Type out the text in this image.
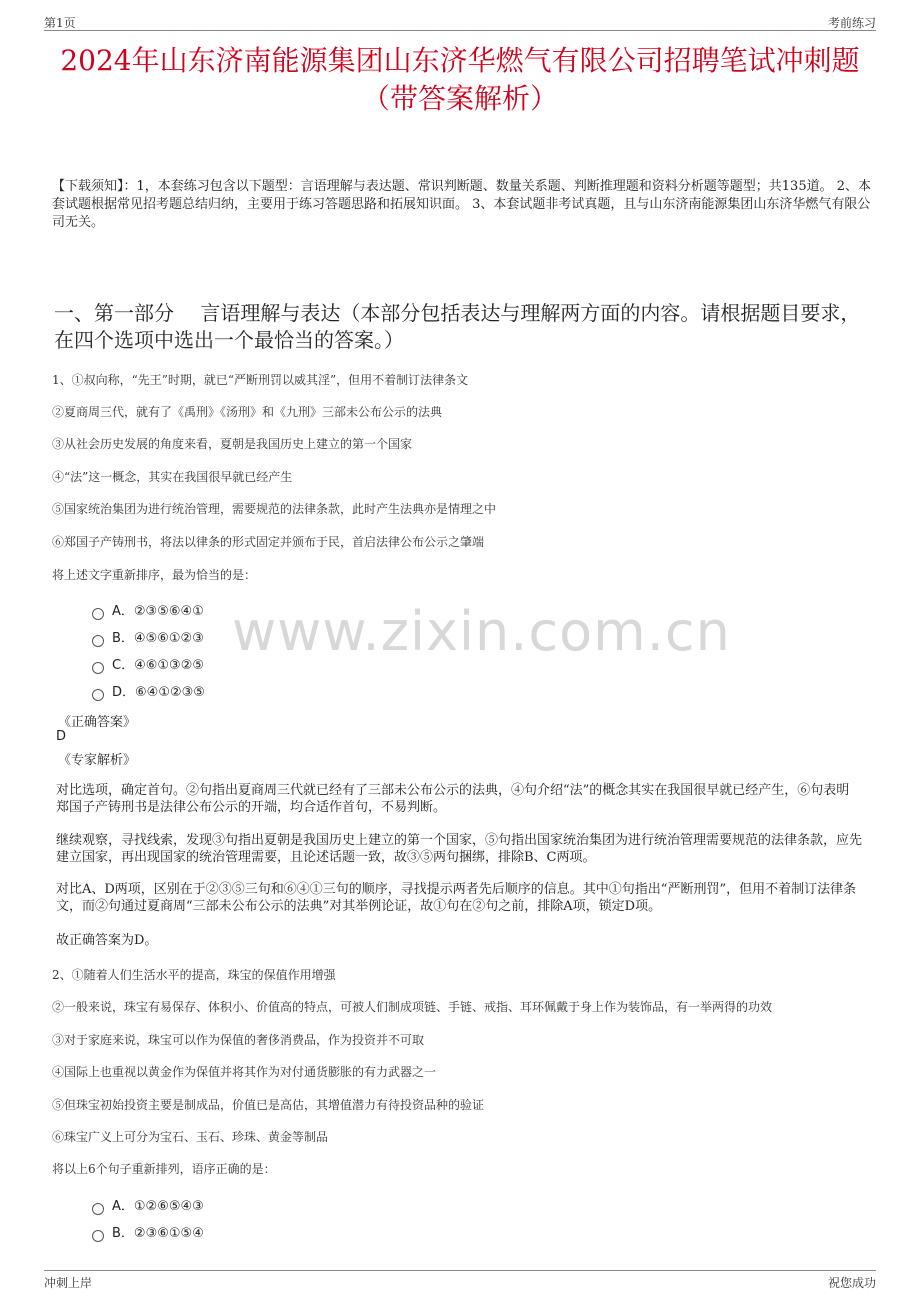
第1页	考前练习
2024年山东济南能源集团山东济华燃气有限公司招聘笔试冲刺题（带答案解析）
【下载须知】：1，本套练习包含以下题型：言语理解与表达题、常识判断题、数量关系题、判断推理题和资料分析题等题型；共135道。 2、本套试题根据常见招考题总结归纳，主要用于练习答题思路和拓展知识面。 3、本套试题非考试真题，且与山东济南能源集团山东济华燃气有限公司无关。
一、第一部分　 言语理解与表达（本部分包括表达与理解两方面的内容。请根据题目要求，在四个选项中选出一个最恰当的答案。）
www.zixin.com.cn
1、①叔向称，“先王”时期，就已“严断刑罚以威其淫”，但用不着制订法律条文
②夏商周三代，就有了《禹刑》《汤刑》和《九刑》三部未公布公示的法典
③从社会历史发展的角度来看，夏朝是我国历史上建立的第一个国家
④“法”这一概念，其实在我国很早就已经产生
⑤国家统治集团为进行统治管理，需要规范的法律条款，此时产生法典亦是情理之中
⑥郑国子产铸刑书，将法以律条的形式固定并颁布于民，首启法律公布公示之肇端
将上述文字重新排序，最为恰当的是：
A．②③⑤⑥④①
B．④⑤⑥①②③
C．④⑥①③②⑤
D．⑥④①②③⑤
《正确答案》
D
《专家解析》
对比选项，确定首句。②句指出夏商周三代就已经有了三部未公布公示的法典，④句介绍“法”的概念其实在我国很早就已经产生，⑥句表明郑国子产铸刑书是法律公布公示的开端，均合适作首句，不易判断。
继续观察，寻找线索，发现③句指出夏朝是我国历史上建立的第一个国家，⑤句指出国家统治集团为进行统治管理需要规范的法律条款，应先建立国家，再出现国家的统治管理需要，且论述话题一致，故③⑤两句捆绑，排除B、C两项。
对比A、D两项，区别在于②③⑤三句和⑥④①三句的顺序，寻找提示两者先后顺序的信息。其中①句指出“严断刑罚”，但用不着制订法律条文，而②句通过夏商周“三部未公布公示的法典”对其举例论证，故①句在②句之前，排除A项，锁定D项。
故正确答案为D。
2、①随着人们生活水平的提高，珠宝的保值作用增强
②一般来说，珠宝有易保存、体积小、价值高的特点，可被人们制成项链、手链、戒指、耳环佩戴于身上作为装饰品，有一举两得的功效
③对于家庭来说，珠宝可以作为保值的奢侈消费品，作为投资并不可取
④国际上也重视以黄金作为保值并将其作为对付通货膨胀的有力武器之一
⑤但珠宝初始投资主要是制成品，价值已是高估，其增值潜力有待投资品种的验证
⑥珠宝广义上可分为宝石、玉石、珍珠、黄金等制品
将以上6个句子重新排列，语序正确的是：
A．①②⑥⑤④③
B．②③⑥①⑤④
冲刺上岸	祝您成功
